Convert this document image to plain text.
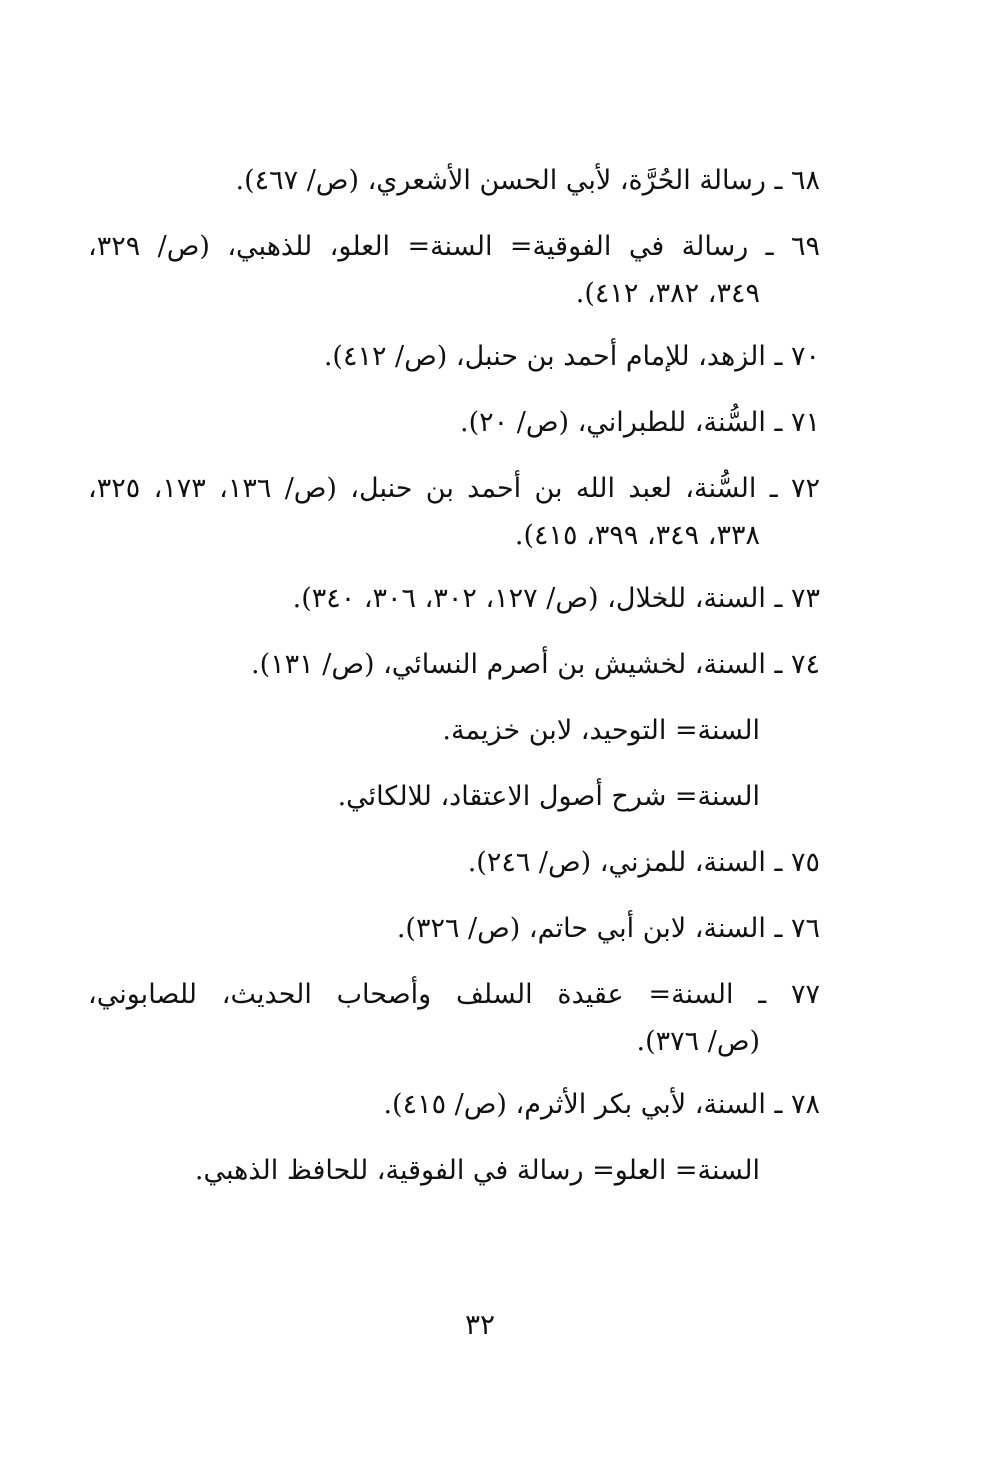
٦٨ ـ رسالة الحُرَّة، لأبي الحسن الأشعري، (ص/ ٤٦٧).
٦٩ ـ رسالة في الفوقية= السنة= العلو، للذهبي، (ص/ ٣٢٩،
٣٤٩، ٣٨٢، ٤١٢).
٧٠ ـ الزهد، للإمام أحمد بن حنبل، (ص/ ٤١٢).
٧١ ـ السُّنة، للطبراني، (ص/ ٢٠).
٧٢ ـ السُّنة، لعبد الله بن أحمد بن حنبل، (ص/ ١٣٦، ١٧٣، ٣٢٥،
٣٣٨، ٣٤٩، ٣٩٩، ٤١٥).
٧٣ ـ السنة، للخلال، (ص/ ١٢٧، ٣٠٢، ٣٠٦، ٣٤٠).
٧٤ ـ السنة، لخشيش بن أصرم النسائي، (ص/ ١٣١).
السنة= التوحيد، لابن خزيمة.
السنة= شرح أصول الاعتقاد، للالكائي.
٧٥ ـ السنة، للمزني، (ص/ ٢٤٦).
٧٦ ـ السنة، لابن أبي حاتم، (ص/ ٣٢٦).
٧٧ ـ السنة= عقيدة السلف وأصحاب الحديث، للصابوني،
(ص/ ٣٧٦).
٧٨ ـ السنة، لأبي بكر الأثرم، (ص/ ٤١٥).
السنة= العلو= رسالة في الفوقية، للحافظ الذهبي.
٣٢
